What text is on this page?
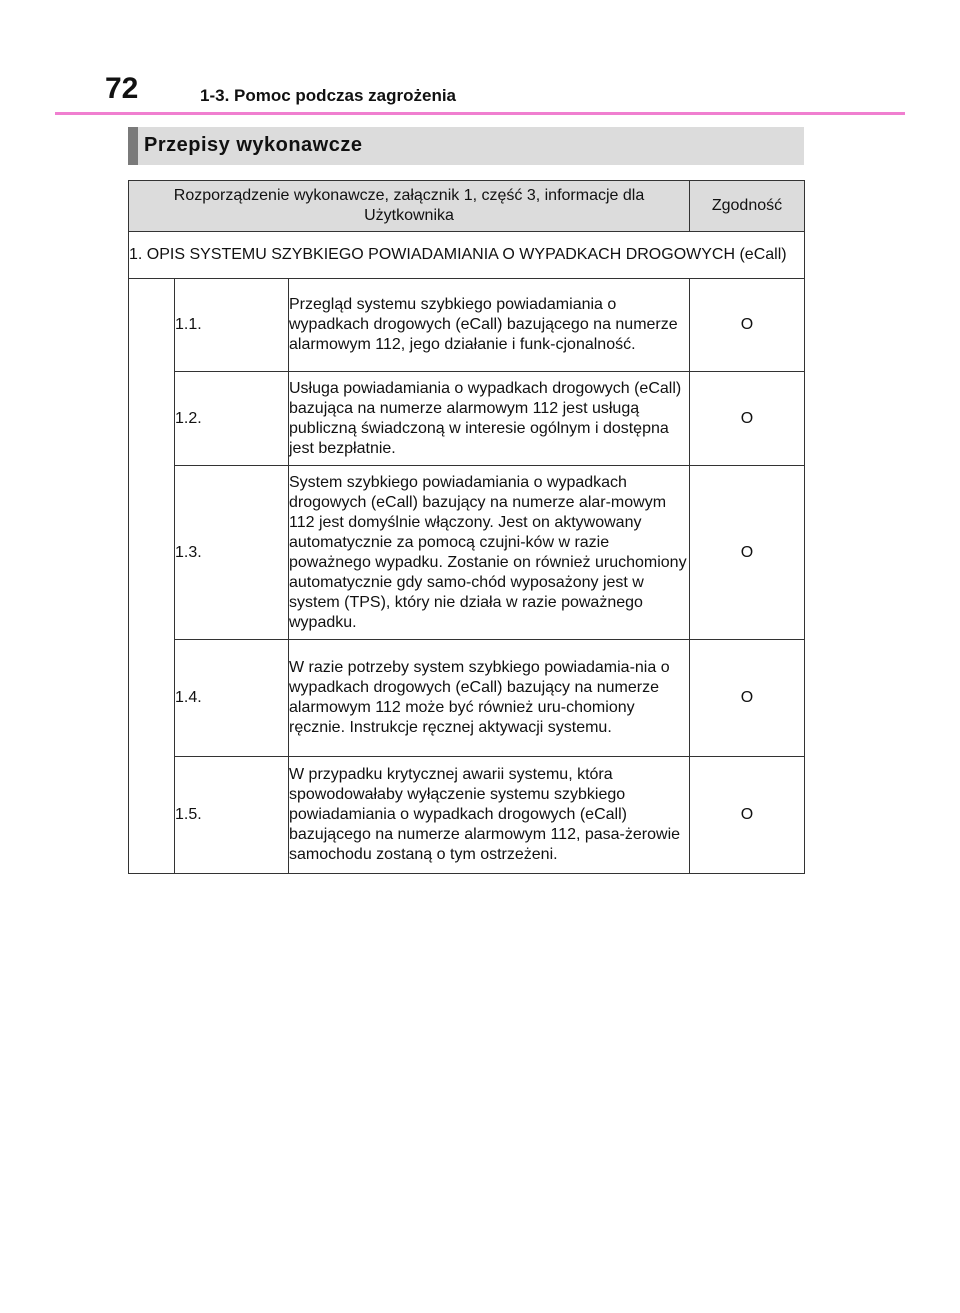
72	1-3. Pomoc podczas zagrożenia
Przepisy wykonawcze
Rozporządzenie wykonawcze, załącznik 1, część 3, informacje dla Użytkownika			Zgodność
1. OPIS SYSTEMU SZYBKIEGO POWIADAMIANIA O WYPADKACH DROGOWYCH (eCall)			
	1.1.	Przegląd systemu szybkiego powiadamiania o wypadkach drogowych (eCall) bazującego na numerze alarmowym 112, jego działanie i funk-cjonalność.	O
	1.2.	Usługa powiadamiania o wypadkach drogowych (eCall) bazująca na numerze alarmowym 112 jest usługą publiczną świadczoną w interesie ogólnym i dostępna jest bezpłatnie.	O
	1.3.	System szybkiego powiadamiania o wypadkach drogowych (eCall) bazujący na numerze alar-mowym 112 jest domyślnie włączony. Jest on aktywowany automatycznie za pomocą czujni-ków w razie poważnego wypadku. Zostanie on również uruchomiony automatycznie gdy samo-chód wyposażony jest w system (TPS), który nie działa w razie poważnego wypadku.	O
	1.4.	W razie potrzeby system szybkiego powiadamia-nia o wypadkach drogowych (eCall) bazujący na numerze alarmowym 112 może być również uru-chomiony ręcznie. Instrukcje ręcznej aktywacji systemu.	O
	1.5.	W przypadku krytycznej awarii systemu, która spowodowałaby wyłączenie systemu szybkiego powiadamiania o wypadkach drogowych (eCall) bazującego na numerze alarmowym 112, pasa-żerowie samochodu zostaną o tym ostrzeżeni.	O
